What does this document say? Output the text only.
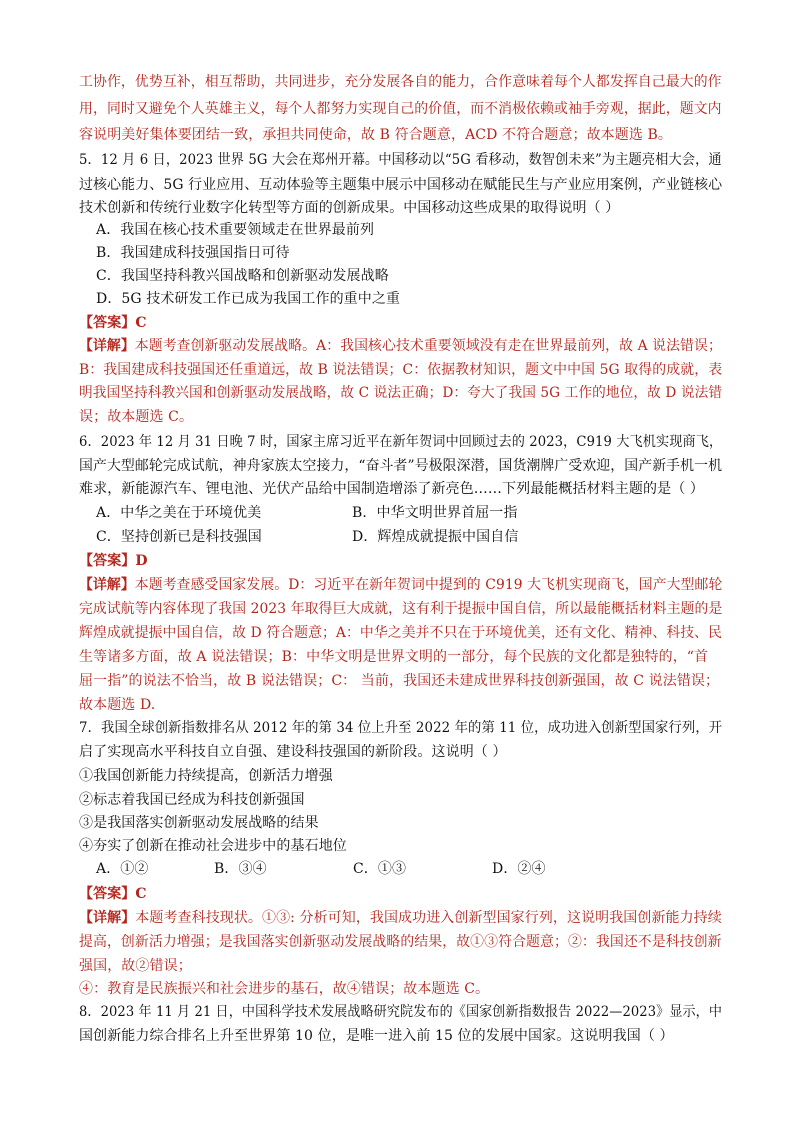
工协作，优势互补，相互帮助，共同进步，充分发展各自的能力，合作意味着每个人都发挥自己最大的作
用，同时又避免个人英雄主义，每个人都努力实现自己的价值，而不消极依赖或袖手旁观，据此，题文内
容说明美好集体要团结一致，承担共同使命，故 B 符合题意，ACD 不符合题意；故本题选 B。
5．12 月 6 日，2023 世界 5G 大会在郑州开幕。中国移动以“5G 看移动，数智创未来”为主题亮相大会，通
过核心能力、5G 行业应用、互动体验等主题集中展示中国移动在赋能民生与产业应用案例，产业链核心
技术创新和传统行业数字化转型等方面的创新成果。中国移动这些成果的取得说明（ ）
A．我国在核心技术重要领域走在世界最前列
B．我国建成科技强国指日可待
C．我国坚持科教兴国战略和创新驱动发展战略
D．5G 技术研发工作已成为我国工作的重中之重
【答案】C
【详解】本题考查创新驱动发展战略。A：我国核心技术重要领域没有走在世界最前列，故 A 说法错误；
B：我国建成科技强国还任重道远，故 B 说法错误；C：依据教材知识，题文中中国 5G 取得的成就，表
明我国坚持科教兴国和创新驱动发展战略，故 C 说法正确；D：夸大了我国 5G 工作的地位，故 D 说法错
误；故本题选 C。
6．2023 年 12 月 31 日晚 7 时，国家主席习近平在新年贺词中回顾过去的 2023，C919 大飞机实现商飞，
国产大型邮轮完成试航，神舟家族太空接力，“奋斗者”号极限深潜，国货潮牌广受欢迎，国产新手机一机
难求，新能源汽车、锂电池、光伏产品给中国制造增添了新亮色……下列最能概括材料主题的是（ ）
A．中华之美在于环境优美	B．中华文明世界首屈一指
C．坚持创新已是科技强国	D．辉煌成就提振中国自信
【答案】D
【详解】本题考查感受国家发展。D：习近平在新年贺词中提到的 C919 大飞机实现商飞，国产大型邮轮
完成试航等内容体现了我国 2023 年取得巨大成就，这有利于提振中国自信，所以最能概括材料主题的是
辉煌成就提振中国自信，故 D 符合题意；A：中华之美并不只在于环境优美，还有文化、精神、科技、民
生等诸多方面，故 A 说法错误；B：中华文明是世界文明的一部分，每个民族的文化都是独特的，“首
屈一指”的说法不恰当，故 B 说法错误；C： 当前，我国还未建成世界科技创新强国，故 C 说法错误；
故本题选 D.
7．我国全球创新指数排名从 2012 年的第 34 位上升至 2022 年的第 11 位，成功进入创新型国家行列，开
启了实现高水平科技自立自强、建设科技强国的新阶段。这说明（ ）
①我国创新能力持续提高，创新活力增强
②标志着我国已经成为科技创新强国
③是我国落实创新驱动发展战略的结果
④夯实了创新在推动社会进步中的基石地位
A．①②	B．③④	C．①③	D．②④
【答案】C
【详解】本题考查科技现状。①③: 分析可知，我国成功进入创新型国家行列，这说明我国创新能力持续
提高，创新活力增强；是我国落实创新驱动发展战略的结果，故①③符合题意；②：我国还不是科技创新
强国，故②错误；
④：教育是民族振兴和社会进步的基石，故④错误；故本题选 C。
8．2023 年 11 月 21 日，中国科学技术发展战略研究院发布的《国家创新指数报告 2022—2023》显示，中
国创新能力综合排名上升至世界第 10 位，是唯一进入前 15 位的发展中国家。这说明我国（ ）
